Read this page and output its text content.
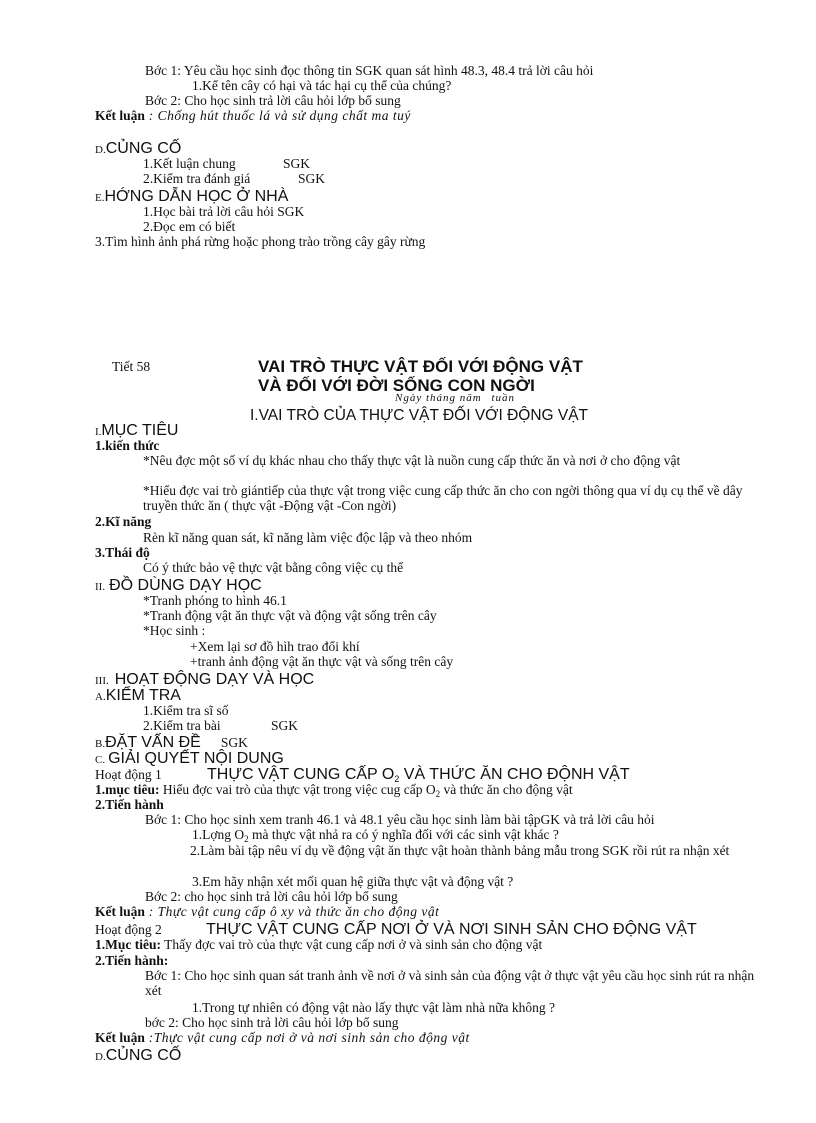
Bớc 1: Yêu cầu học sinh đọc thông tin SGK quan sát hình 48.3, 48.4 trả lời câu hỏi
1.Kể tên cây có hại và tác hại cụ thể của chúng?
Bớc 2: Cho học sinh trả lời câu hỏi lớp bổ sung
Kết luận : Chống hút thuốc lá và sử dụng chất ma tuý
D.CỦNG CỐ
1.Kết luận chung	SGK
2.Kiểm tra đánh giá	SGK
E.HỚNG DẪN HỌC Ở NHÀ
1.Học bài trả lời câu hỏi SGK
2.Đọc em có biết
3.Tìm hình ảnh phá rừng hoặc phong trào trồng cây gây rừng
Tiết 58	VAI TRÒ THỰC VẬT ĐỐI VỚI ĐỘNG VẬT
VÀ ĐỐI VỚI ĐỜI SỐNG CON NGỜI
Ngày tháng năm tuần
I.VAI TRÒ CỦA THỰC VẬT ĐỐI VỚI ĐỘNG VẬT
I.MỤC TIÊU
1.kiến thức
*Nêu đợc một số ví dụ khác nhau cho thấy thực vật là nuồn cung cấp thức ăn và nơi ở cho động vật
*Hiểu đợc vai trò giántiếp của thực vật trong việc cung cấp thức ăn cho con ngời thông qua ví dụ cụ thể về dây truyền thức ăn ( thực vật -Động vật -Con ngời)
2.Kĩ năng
Rèn kĩ năng quan sát, kĩ năng làm việc độc lập và theo nhóm
3.Thái độ
Có ý thức bảo vệ thực vật bằng công việc cụ thể
II. ĐỒ DÙNG DẠY HỌC
*Tranh phóng to hình 46.1
*Tranh động vật ăn thực vật và động vật sống trên cây
*Học sinh :
+Xem lại sơ đồ hìh trao đổi khí
+tranh ảnh động vật ăn thực vật và sống trên cây
III. HOẠT ĐỘNG DẠY VÀ HỌC
A.KIỂM TRA
1.Kiểm tra sĩ số
2.Kiểm tra bài	SGK
B.ĐẶT VẤN ĐỀ SGK
C. GIẢI QUYẾT NỘI DUNG
Hoạt động 1	THỰC VẬT CUNG CẤP O2 VÀ THỨC ĂN CHO ĐỘNH VẬT
1.mục tiêu: Hiểu đợc vai trò của thực vật trong việc cug cấp $O_2$ và thức ăn cho động vật
2.Tiến hành
Bớc 1: Cho học sinh xem tranh 46.1 và 48.1 yêu cầu học sinh làm bài tậpGK và trả lời câu hỏi
1.Lợng $O_2$ mà thực vật nhả ra có ý nghĩa đối với các sinh vật khác ?
2.Làm bài tập nêu ví dụ về động vật ăn thực vật hoàn thành bảng mẫu trong SGK rồi rút ra nhận xét
3.Em hãy nhận xét mối quan hệ giữa thực vật và động vật ?
Bớc 2: cho học sinh trả lời câu hỏi lớp bổ sung
Kết luận : Thực vật cung cấp ô xy và thức ăn cho động vật
Hoạt động 2	THỰC VẬT CUNG CẤP NƠI Ở VÀ NƠI SINH SẢN CHO ĐỘNG VẬT
1.Mục tiêu: Thấy đợc vai trò của thực vật cung cấp nơi ở và sinh sản cho động vật
2.Tiến hành:
Bớc 1: Cho học sinh quan sát tranh ảnh về nơi ở và sinh sản của động vật ở thực vật yêu cầu học sinh rút ra nhận xét
1.Trong tự nhiên có động vật nào lấy thực vật làm nhà nữa không ?
bớc 2: Cho học sinh trả lời câu hỏi lớp bổ sung
Kết luận :Thực vật cung cấp nơi ở và nơi sinh sản cho động vật
D.CỦNG CỐ
